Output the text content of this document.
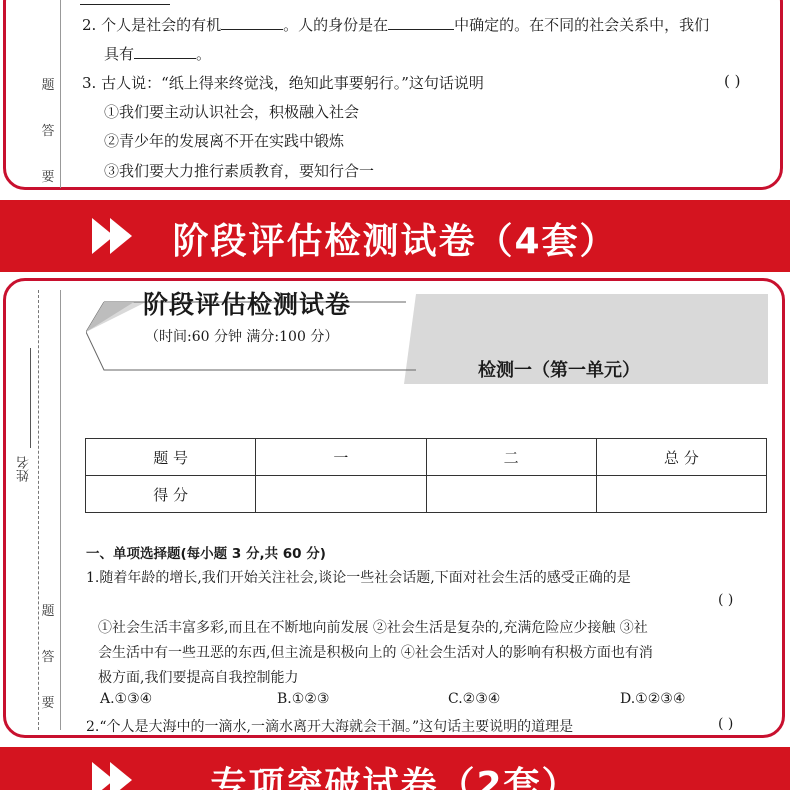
2. 个人是社会的有机	。人的身份是在	中确定的。在不同的社会关系中，我们
具有	。
3. 古人说：“纸上得来终觉浅，绝知此事要躬行。”这句话说明	( )
①我们要主动认识社会，积极融入社会
②青少年的发展离不开在实践中锻炼
③我们要大力推行素质教育，要知行合一
题
答
要
阶段评估检测试卷（4套）
姓名
阶段评估检测试卷
（时间:60 分钟 满分:100 分）
检测一（第一单元）
题 号	一	二	总 分
得 分			
一、单项选择题(每小题 3 分,共 60 分)
1.随着年龄的增长,我们开始关注社会,谈论一些社会话题,下面对社会生活的感受正确的是
( )
①社会生活丰富多彩,而且在不断地向前发展 ②社会生活是复杂的,充满危险应少接触 ③社
会生活中有一些丑恶的东西,但主流是积极向上的 ④社会生活对人的影响有积极方面也有消
极方面,我们要提高自我控制能力
A.①③④	B.①②③	C.②③④	D.①②③④
2.“个人是大海中的一滴水,一滴水离开大海就会干涸。”这句话主要说明的道理是	( )
题
答
要
专项突破试卷（2套）
